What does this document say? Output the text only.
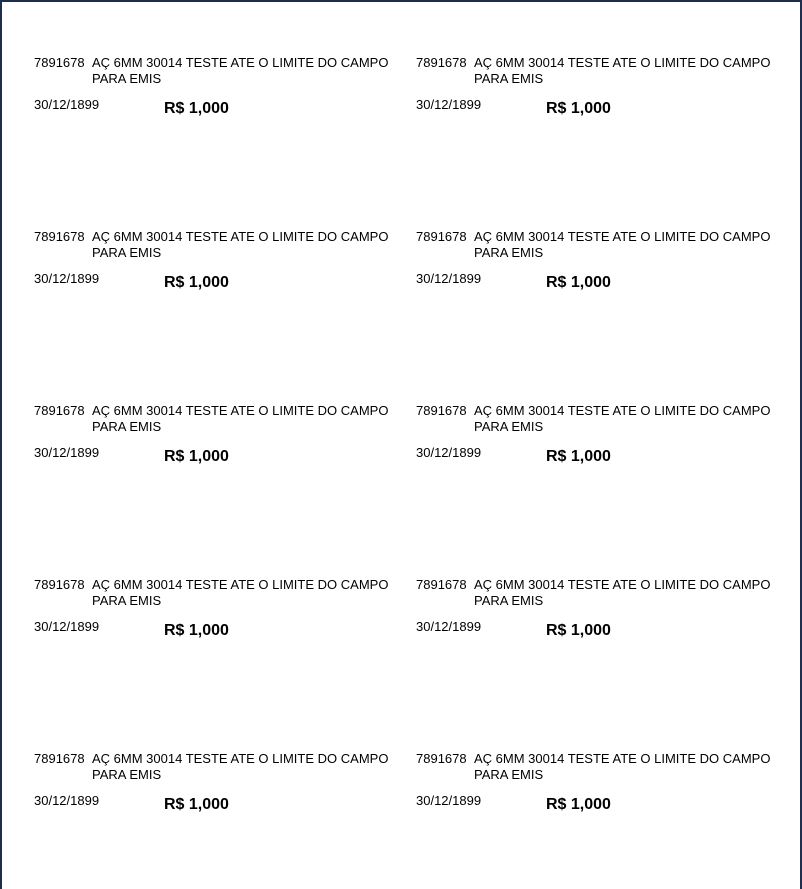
7891678 AÇ 6MM 30014 TESTE ATE O LIMITE DO CAMPO
PARA EMIS
30/12/1899	R$ 1,000
7891678 AÇ 6MM 30014 TESTE ATE O LIMITE DO CAMPO
PARA EMIS
30/12/1899	R$ 1,000
7891678 AÇ 6MM 30014 TESTE ATE O LIMITE DO CAMPO
PARA EMIS
30/12/1899	R$ 1,000
7891678 AÇ 6MM 30014 TESTE ATE O LIMITE DO CAMPO
PARA EMIS
30/12/1899	R$ 1,000
7891678 AÇ 6MM 30014 TESTE ATE O LIMITE DO CAMPO
PARA EMIS
30/12/1899	R$ 1,000
7891678 AÇ 6MM 30014 TESTE ATE O LIMITE DO CAMPO
PARA EMIS
30/12/1899	R$ 1,000
7891678 AÇ 6MM 30014 TESTE ATE O LIMITE DO CAMPO
PARA EMIS
30/12/1899	R$ 1,000
7891678 AÇ 6MM 30014 TESTE ATE O LIMITE DO CAMPO
PARA EMIS
30/12/1899	R$ 1,000
7891678 AÇ 6MM 30014 TESTE ATE O LIMITE DO CAMPO
PARA EMIS
30/12/1899	R$ 1,000
7891678 AÇ 6MM 30014 TESTE ATE O LIMITE DO CAMPO
PARA EMIS
30/12/1899	R$ 1,000
